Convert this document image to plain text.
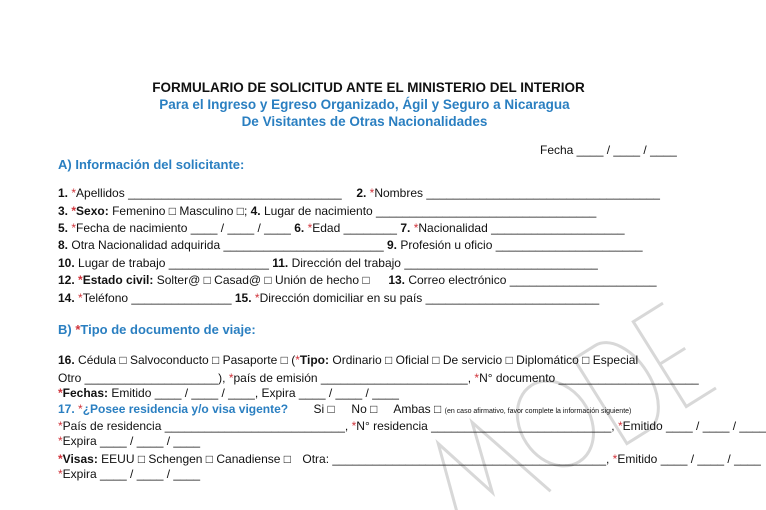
FORMULARIO DE SOLICITUD ANTE EL MINISTERIO DEL INTERIOR
Para el Ingreso y Egreso Organizado, Ágil y Seguro a Nicaragua
De Visitantes de Otras Nacionalidades
Fecha ____ / ____ / ____
A) Información del solicitante:
1. *Apellidos ________________________________ 2. *Nombres ___________________________________
3. *Sexo: Femenino □ Masculino □; 4. Lugar de nacimiento _________________________________
5. *Fecha de nacimiento ____ / ____ / ____ 6. *Edad ________ 7. *Nacionalidad ____________________
8. Otra Nacionalidad adquirida ________________________ 9. Profesión u oficio ______________________
10. Lugar de trabajo _______________ 11. Dirección del trabajo _____________________________
12. *Estado civil: Solter@ □ Casad@ □ Unión de hecho □ 13. Correo electrónico ______________________
14. *Teléfono _______________ 15. *Dirección domiciliar en su país __________________________
B) *Tipo de documento de viaje:
16. Cédula □ Salvoconducto □ Pasaporte □ (*Tipo: Ordinario □ Oficial □ De servicio □ Diplomático □ Especial
Otro ____________________), *país de emisión ______________________, *N° documento _____________________
*Fechas: Emitido ____ / ____ / ____, Expira ____ / ____ / ____
17. *¿Posee residencia y/o visa vigente? Si □     No □     Ambas □ (en caso afirmativo, favor complete la información siguiente)
*País de residencia ___________________________, *N° residencia ___________________________, *Emitido ____ / ____ / ____
*Expira ____ / ____ / ____
*Visas: EEUU □ Schengen □ Canadiense □ Otra: _________________________________________, *Emitido ____ / ____ / ____
*Expira ____ / ____ / ____
